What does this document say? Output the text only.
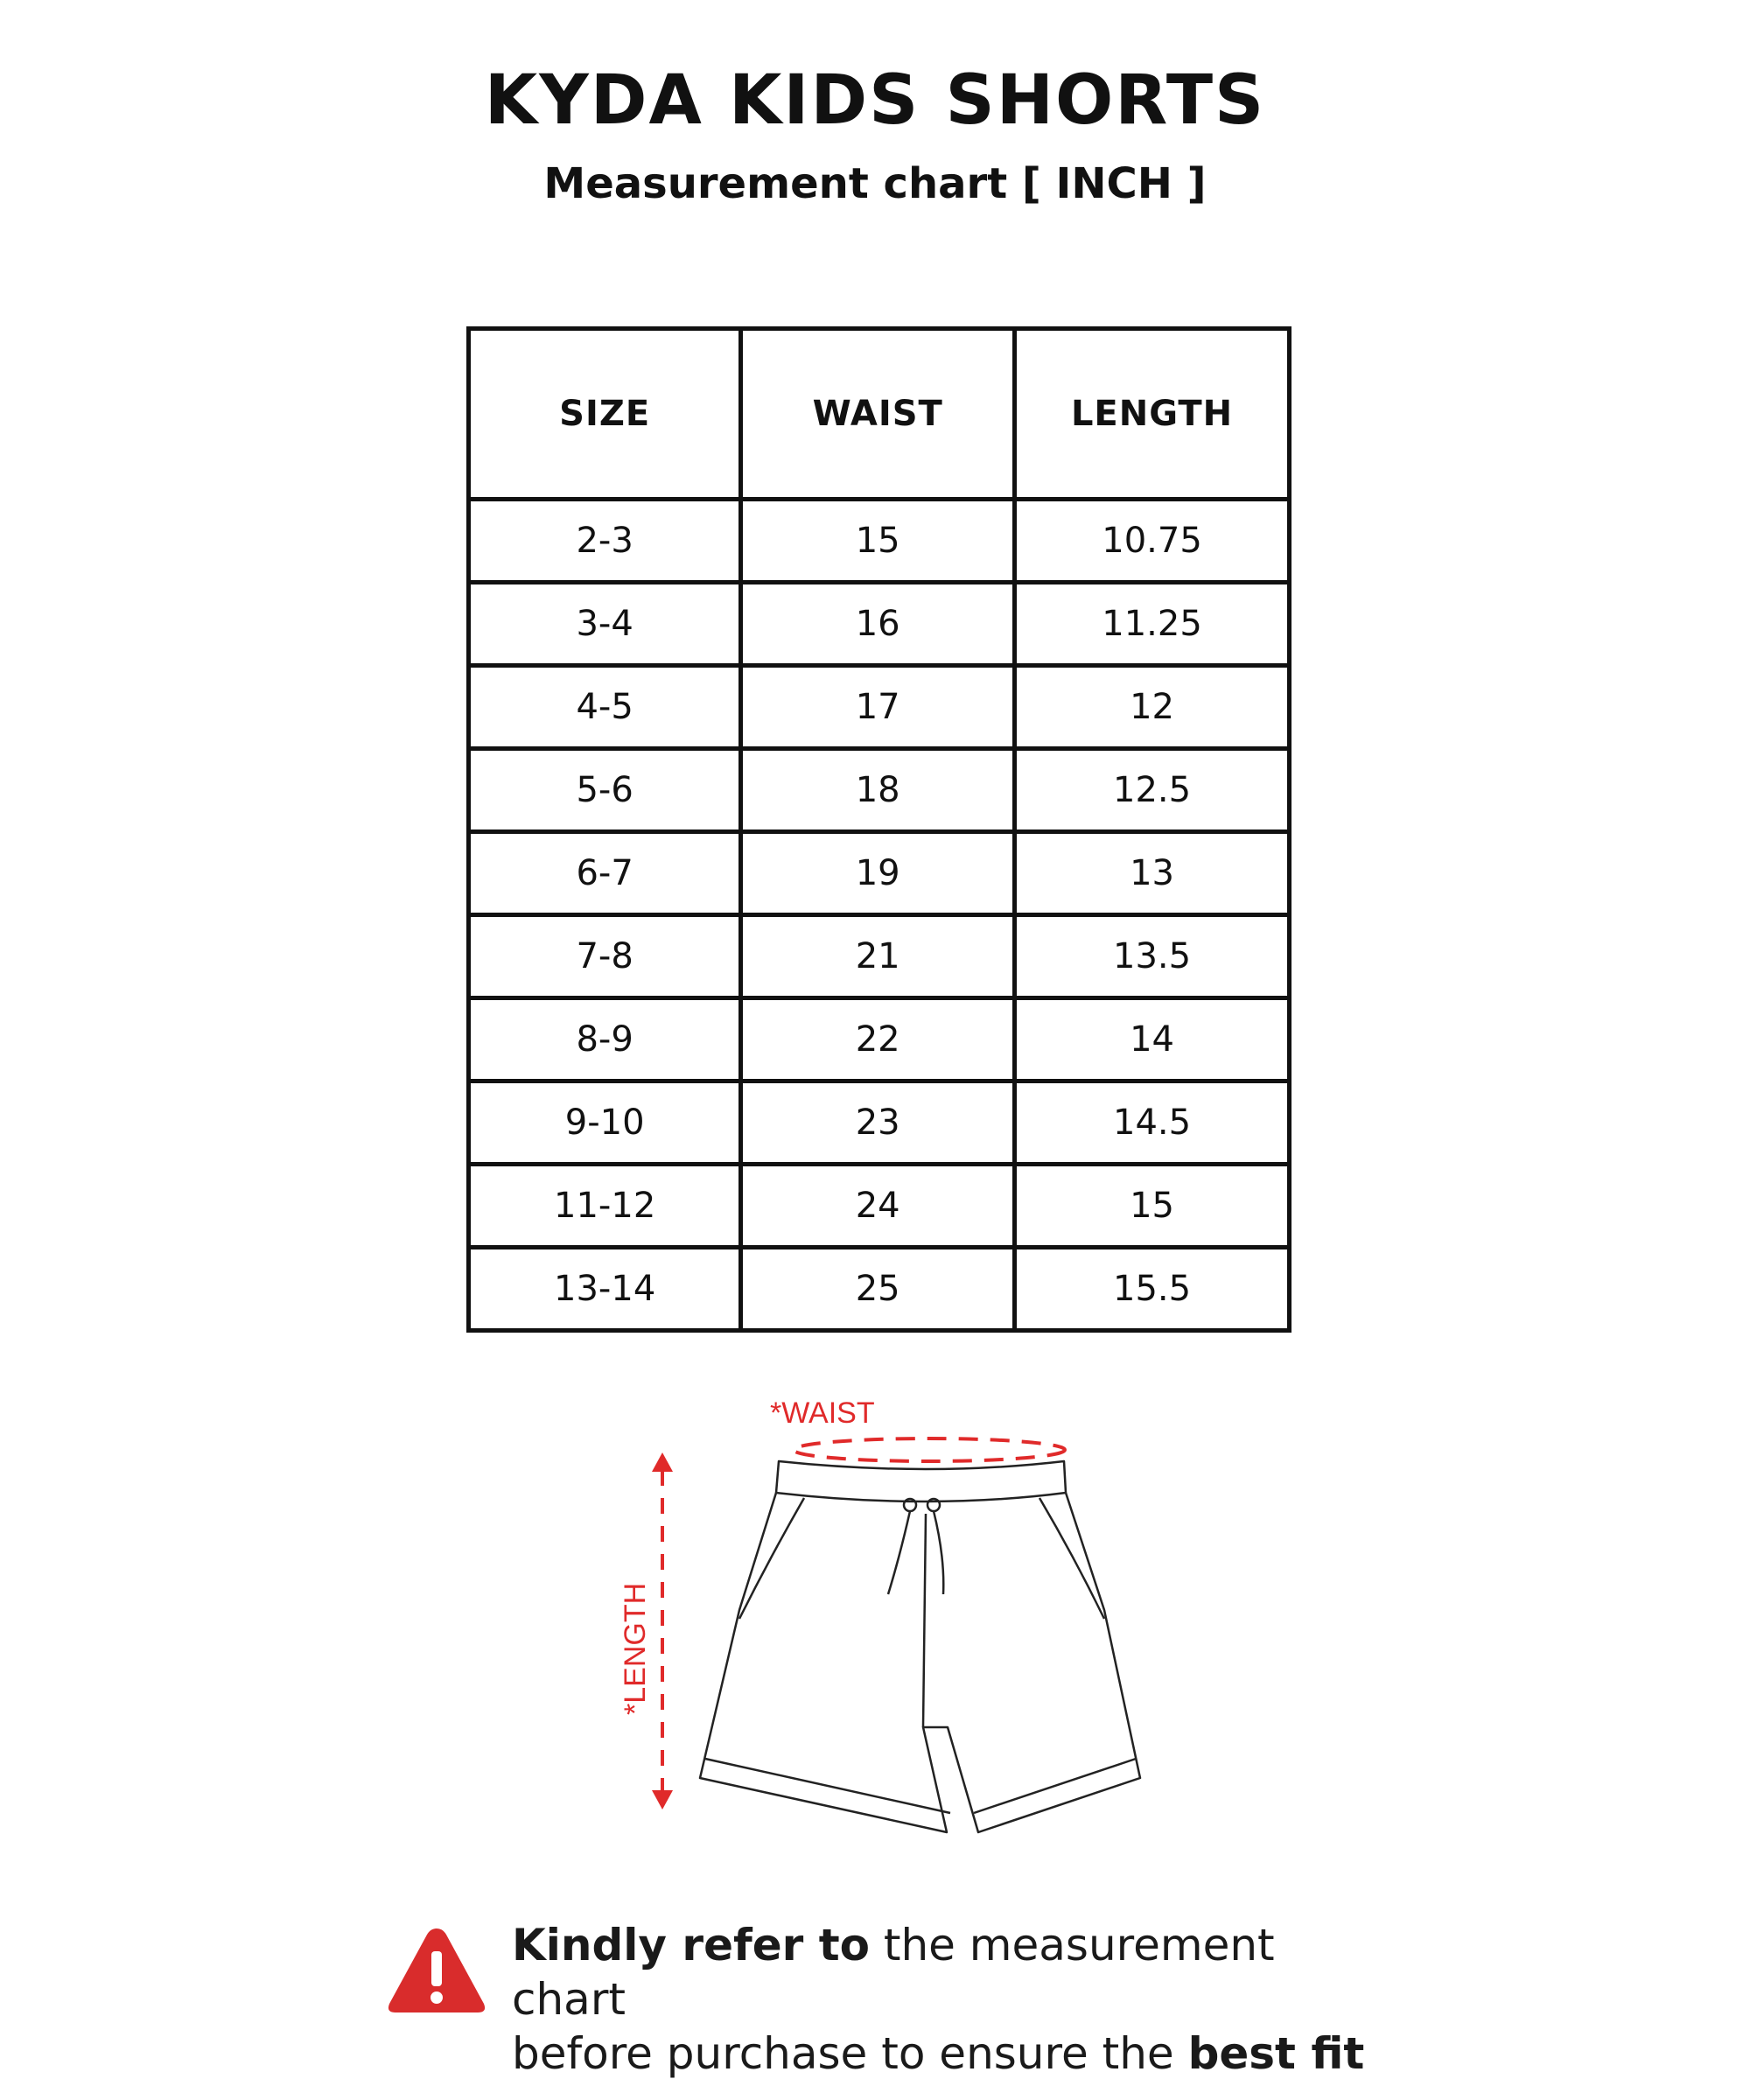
KYDA KIDS SHORTS
Measurement chart [ INCH ]
SIZE	WAIST	LENGTH
2-3	15	10.75
3-4	16	11.25
4-5	17	12
5-6	18	12.5
6-7	19	13
7-8	21	13.5
8-9	22	14
9-10	23	14.5
11-12	24	15
13-14	25	15.5
*WAIST
*LENGTH
Kindly refer to the measurement chart
before purchase to ensure the best fit
